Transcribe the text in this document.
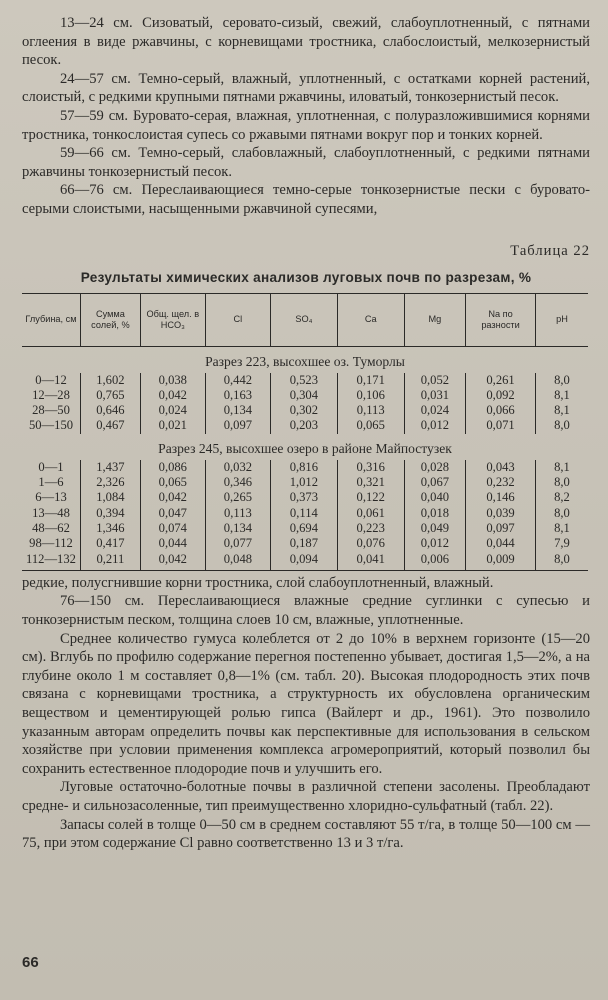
13—24 см. Сизоватый, серовато-сизый, свежий, слабоуплотненный, с пятнами оглеения в виде ржавчины, с корневищами тростника, слабослоистый, мелкозернистый песок.

24—57 см. Темно-серый, влажный, уплотненный, с остатками корней растений, слоистый, с редкими крупными пятнами ржавчины, иловатый, тонкозернистый песок.

57—59 см. Буровато-серая, влажная, уплотненная, с полуразложившимися корнями тростника, тонкослоистая супесь со ржавыми пятнами вокруг пор и тонких корней.

59—66 см. Темно-серый, слабовлажный, слабоуплотненный, с редкими пятнами ржавчины тонкозернистый песок.

66—76 см. Переслаивающиеся темно-серые тонкозернистые пески с буровато-серыми слоистыми, насыщенными ржавчиной супесями,

Таблица 22
Результаты химических анализов луговых почв по разрезам, %
Глубина, см	Сумма солей, %	Общ. щел. в HCO₃	Cl	SO₄	Ca	Mg	Na по разности	pH
Разрез 223, высохшее оз. Туморлы								
0—12	1,602	0,038	0,442	0,523	0,171	0,052	0,261	8,0
12—28	0,765	0,042	0,163	0,304	0,106	0,031	0,092	8,1
28—50	0,646	0,024	0,134	0,302	0,113	0,024	0,066	8,1
50—150	0,467	0,021	0,097	0,203	0,065	0,012	0,071	8,0
Разрез 245, высохшее озеро в районе Майпостузек								
0—1	1,437	0,086	0,032	0,816	0,316	0,028	0,043	8,1
1—6	2,326	0,065	0,346	1,012	0,321	0,067	0,232	8,0
6—13	1,084	0,042	0,265	0,373	0,122	0,040	0,146	8,2
13—48	0,394	0,047	0,113	0,114	0,061	0,018	0,039	8,0
48—62	1,346	0,074	0,134	0,694	0,223	0,049	0,097	8,1
98—112	0,417	0,044	0,077	0,187	0,076	0,012	0,044	7,9
112—132	0,211	0,042	0,048	0,094	0,041	0,006	0,009	8,0

редкие, полусгнившие корни тростника, слой слабоуплотненный, влажный.

76—150 см. Переслаивающиеся влажные средние суглинки с супесью и тонкозернистым песком, толщина слоев 10 см, влажные, уплотненные.

Среднее количество гумуса колеблется от 2 до 10% в верхнем горизонте (15—20 см). Вглубь по профилю содержание перегноя постепенно убывает, достигая 1,5—2%, а на глубине около 1 м составляет 0,8—1% (см. табл. 20). Высокая плодородность этих почв связана с корневищами тростника, а структурность их обусловлена органическим веществом и цементирующей ролью гипса (Вайлерт и др., 1961). Это позволило указанным авторам определить почвы как перспективные для использования в сельском хозяйстве при условии применения комплекса агромероприятий, который позволил бы сохранить естественное плодородие почв и улучшить его.

Луговые остаточно-болотные почвы в различной степени засолены. Преобладают средне- и сильнозасоленные, тип преимущественно хлоридно-сульфатный (табл. 22).

Запасы солей в толще 0—50 см в среднем составляют 55 т/га, в толще 50—100 см — 75, при этом содержание Cl равно соответственно 13 и 3 т/га.

66
